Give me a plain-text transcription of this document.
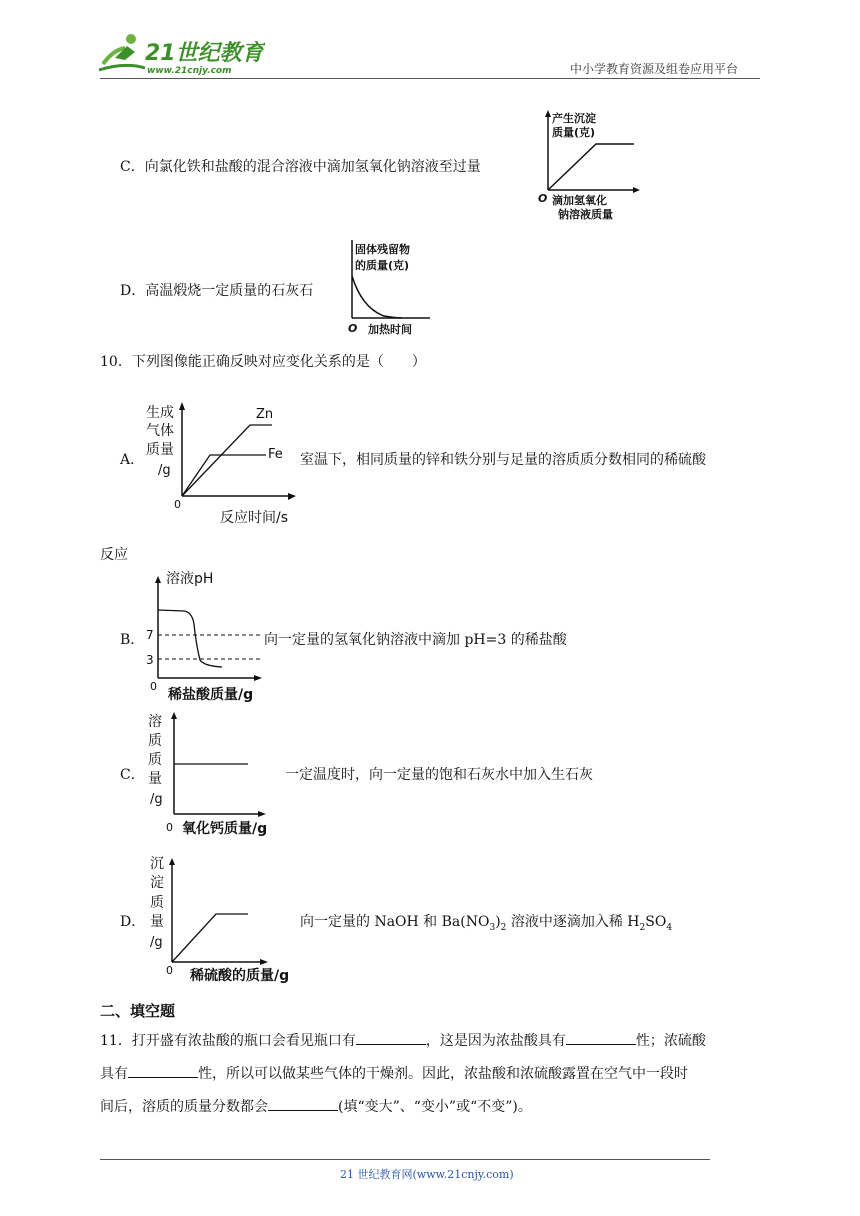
21世纪教育
www.21cnjy.com	中小学教育资源及组卷应用平台
C．向氯化铁和盐酸的混合溶液中滴加氢氧化钠溶液至过量
产生沉淀
质量(克)
O 滴加氢氧化
钠溶液质量
D．高温煅烧一定质量的石灰石
固体残留物
的质量(克)
O 加热时间
10．下列图像能正确反映对应变化关系的是（　　）
A．
Zn
Fe
生成
气体
质量
/g
0
反应时间/s
室温下，相同质量的锌和铁分别与足量的溶质质分数相同的稀硫酸
反应
B．
溶液pH
7
3
0
稀盐酸质量/g
向一定量的氢氧化钠溶液中滴加 pH=3 的稀盐酸
C．
溶
质
质
量
/g
0 氧化钙质量/g
一定温度时，向一定量的饱和石灰水中加入生石灰
D．
沉
淀
质
量
/g
0 稀硫酸的质量/g
向一定量的 NaOH 和 $Ba(NO_3)_2$ 溶液中逐滴加入稀 $H_2SO_4$
二、填空题
11．打开盛有浓盐酸的瓶口会看见瓶口有	，这是因为浓盐酸具有	性；浓硫酸
具有	性，所以可以做某些气体的干燥剂。因此，浓盐酸和浓硫酸露置在空气中一段时
间后，溶质的质量分数都会	(填“变大”、“变小”或“不变”)。
21 世纪教育网(www.21cnjy.com)
